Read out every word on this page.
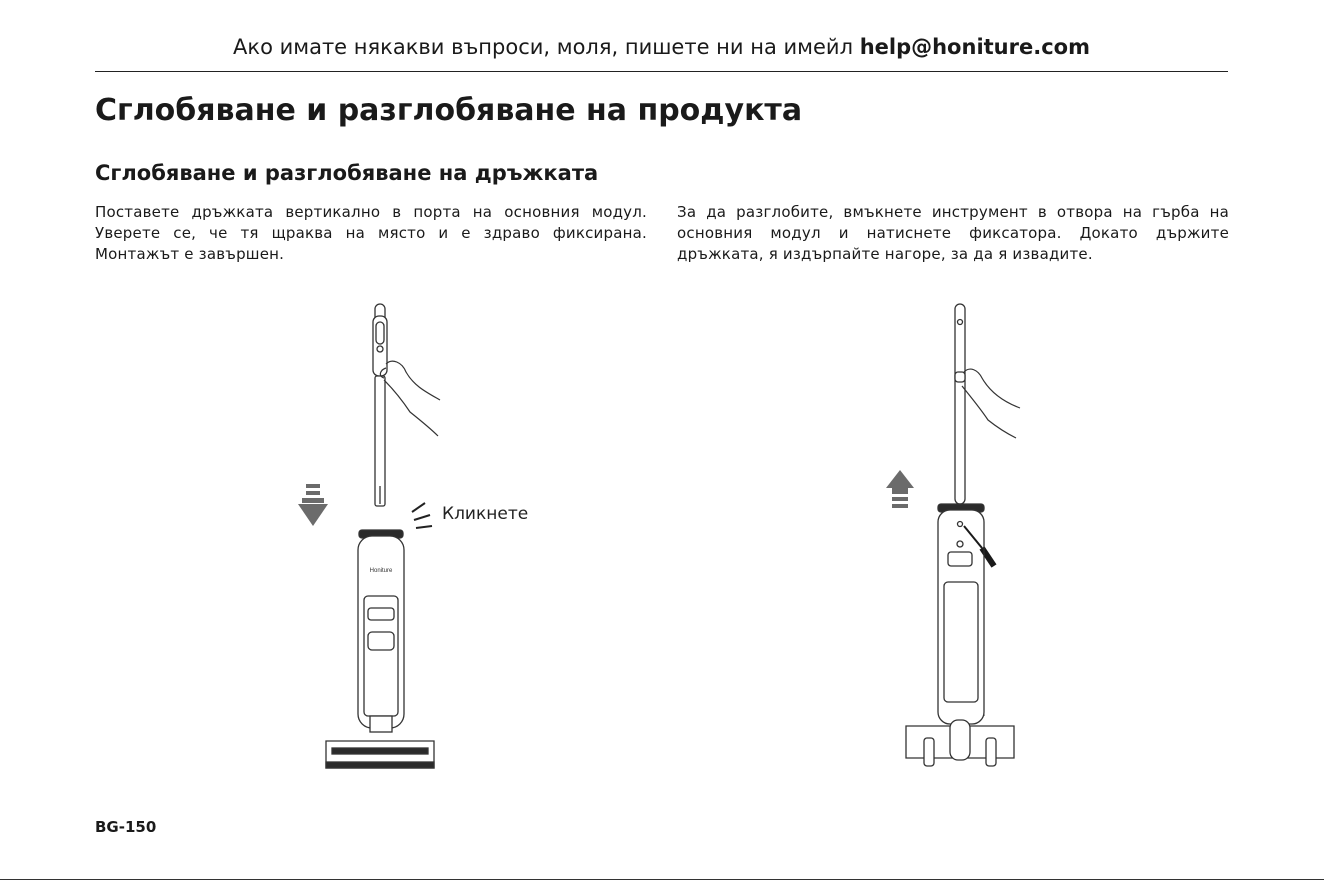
Ако имате някакви въпроси, моля, пишете ни на имейл help@honiture.com
Сглобяване и разглобяване на продукта
Сглобяване и разглобяване на дръжката

Поставете дръжката вертикално в порта на основния модул. Уверете се, че тя щраква на място и е здраво фиксирана. Монтажът е завършен.

За да разглобите, вмъкнете инструмент в отвора на гърба на основния модул и натиснете фиксатора. Докато държите дръжката, я издърпайте нагоре, за да я извадите.

Honiture
Кликнете
BG-150
